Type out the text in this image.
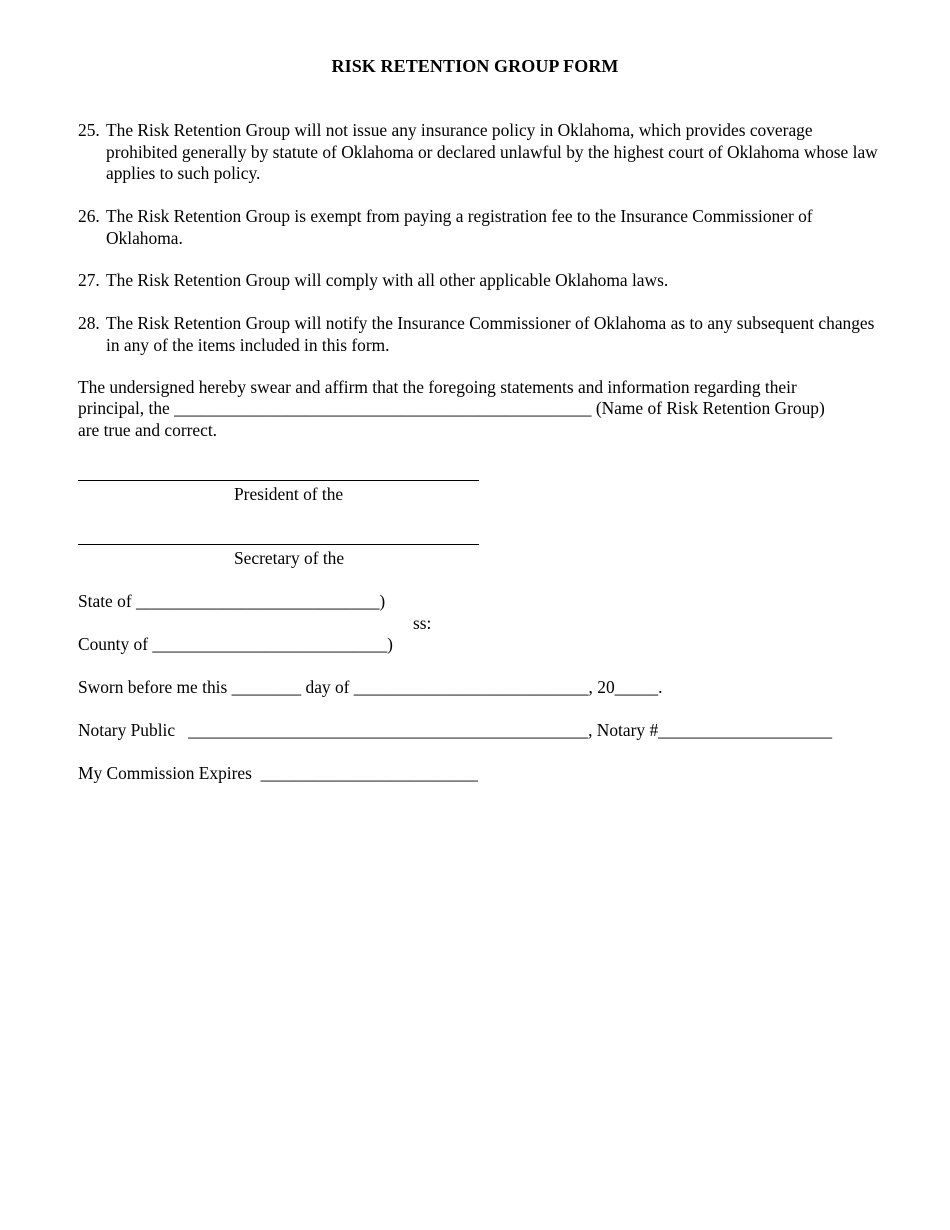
RISK RETENTION GROUP FORM
25. The Risk Retention Group will not issue any insurance policy in Oklahoma, which provides coverage prohibited generally by statute of Oklahoma or declared unlawful by the highest court of Oklahoma whose law applies to such policy.
26. The Risk Retention Group is exempt from paying a registration fee to the Insurance Commissioner of Oklahoma.
27. The Risk Retention Group will comply with all other applicable Oklahoma laws.
28. The Risk Retention Group will notify the Insurance Commissioner of Oklahoma as to any subsequent changes in any of the items included in this form.
The undersigned hereby swear and affirm that the foregoing statements and information regarding their
principal, the ________________________________________________ (Name of Risk Retention Group)
are true and correct.
President of the
Secretary of the
State of ____________________________)
ss:
County of ___________________________)
Sworn before me this ________ day of ___________________________, 20_____.
Notary Public   ______________________________________________, Notary #____________________
My Commission Expires  _________________________
